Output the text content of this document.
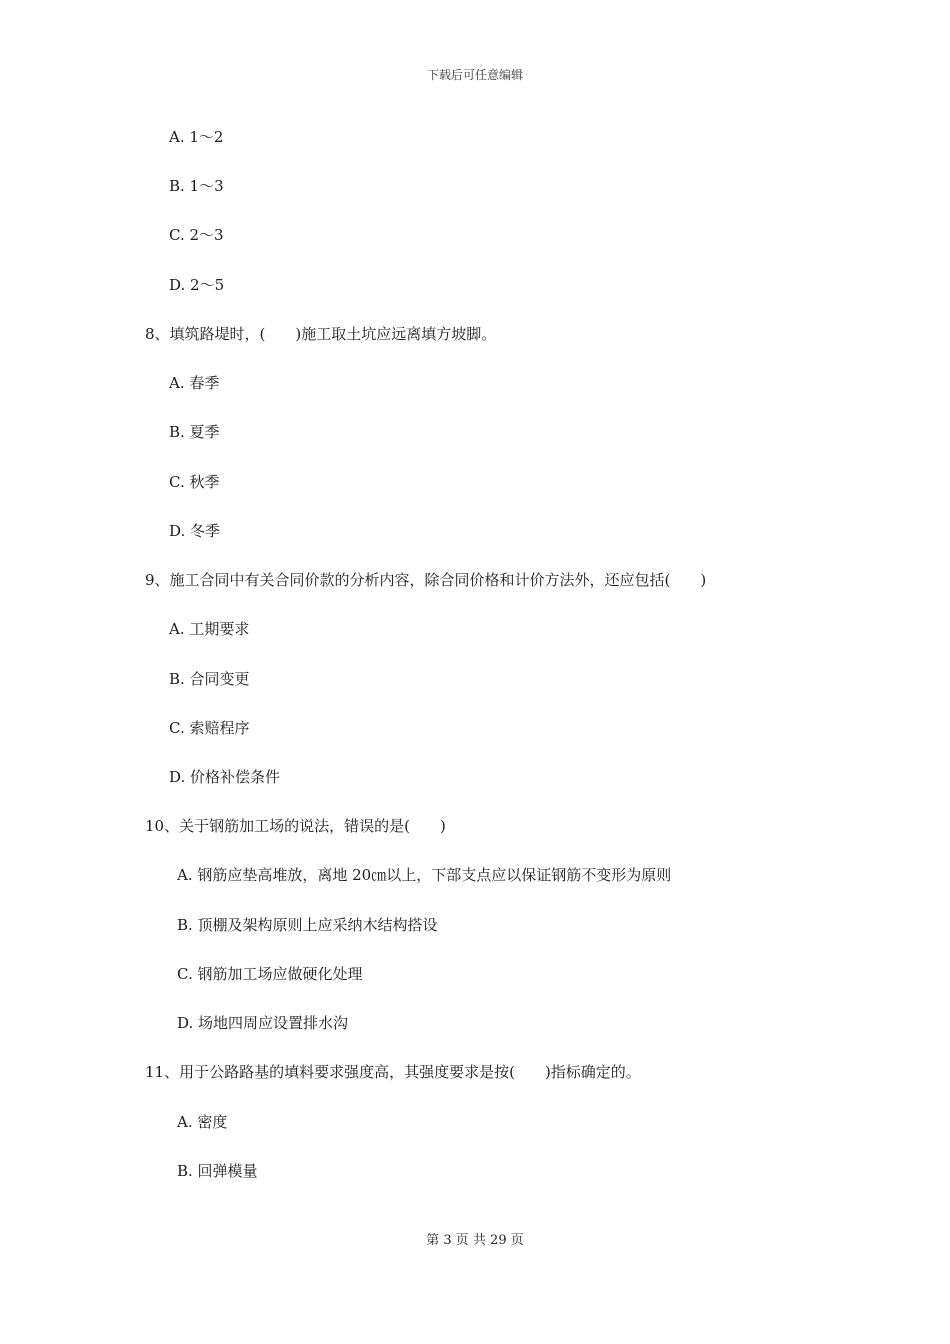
下载后可任意编辑
A. 1～2
B. 1～3
C. 2～3
D. 2～5
8、填筑路堤时，(　　)施工取土坑应远离填方坡脚。
A. 春季
B. 夏季
C. 秋季
D. 冬季
9、施工合同中有关合同价款的分析内容，除合同价格和计价方法外，还应包括(　　)
A. 工期要求
B. 合同变更
C. 索赔程序
D. 价格补偿条件
10、关于钢筋加工场的说法，错误的是(　　)
A. 钢筋应垫高堆放，离地 20㎝以上，下部支点应以保证钢筋不变形为原则
B. 顶棚及架构原则上应采纳木结构搭设
C. 钢筋加工场应做硬化处理
D. 场地四周应设置排水沟
11、用于公路路基的填料要求强度高，其强度要求是按(　　)指标确定的。
A. 密度
B. 回弹模量
第 3 页 共 29 页
